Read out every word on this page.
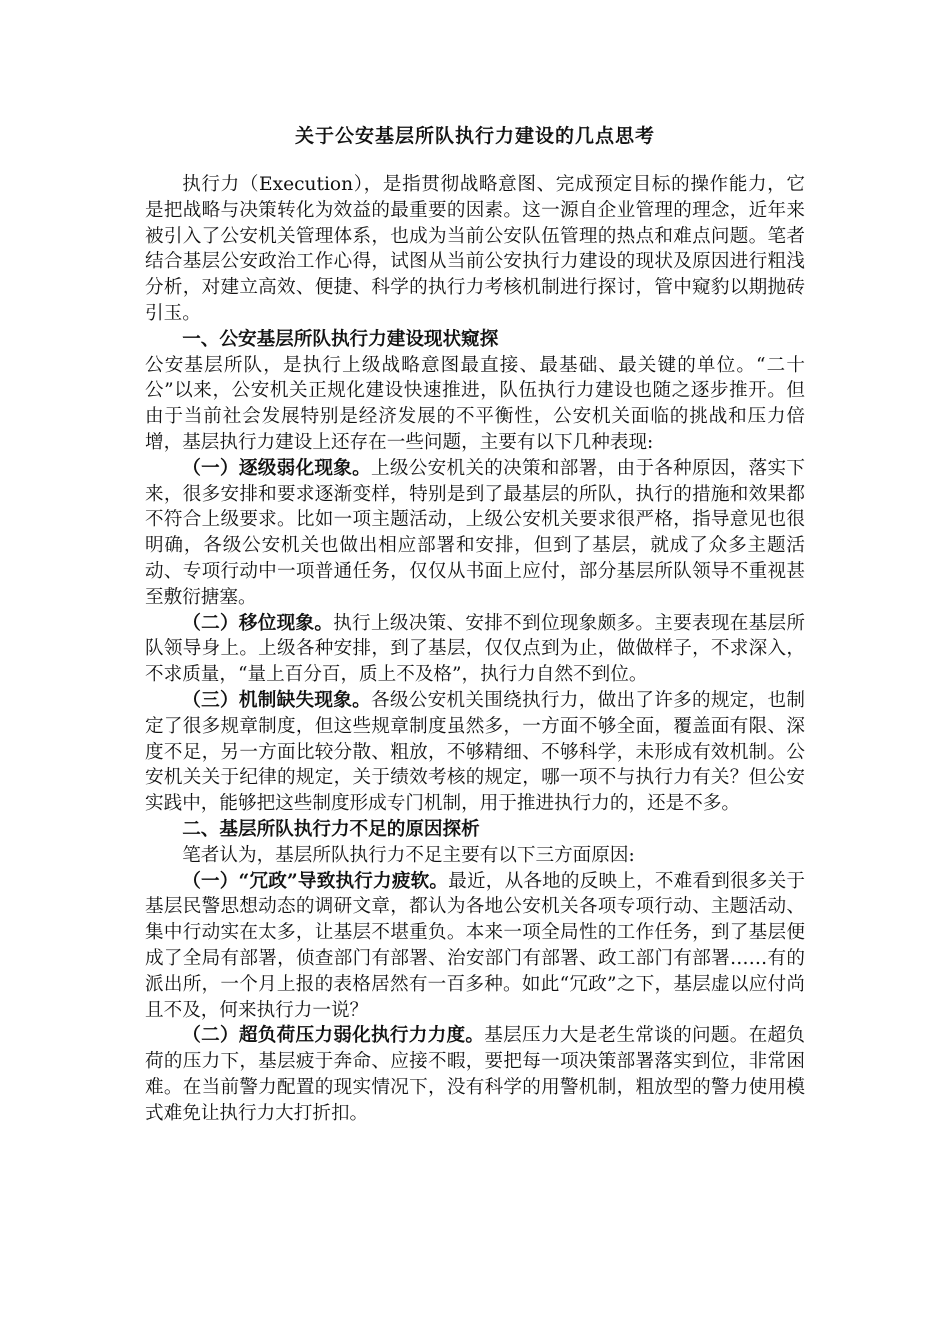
关于公安基层所队执行力建设的几点思考

执行力（Execution），是指贯彻战略意图、完成预定目标的操作能力，它是把战略与决策转化为效益的最重要的因素。这一源自企业管理的理念，近年来被引入了公安机关管理体系，也成为当前公安队伍管理的热点和难点问题。笔者结合基层公安政治工作心得，试图从当前公安执行力建设的现状及原因进行粗浅分析，对建立高效、便捷、科学的执行力考核机制进行探讨，管中窥豹以期抛砖引玉。

一、公安基层所队执行力建设现状窥探

公安基层所队，是执行上级战略意图最直接、最基础、最关键的单位。“二十公”以来，公安机关正规化建设快速推进，队伍执行力建设也随之逐步推开。但由于当前社会发展特别是经济发展的不平衡性，公安机关面临的挑战和压力倍增，基层执行力建设上还存在一些问题，主要有以下几种表现:

（一）逐级弱化现象。上级公安机关的决策和部署，由于各种原因，落实下来，很多安排和要求逐渐变样，特别是到了最基层的所队，执行的措施和效果都不符合上级要求。比如一项主题活动，上级公安机关要求很严格，指导意见也很明确，各级公安机关也做出相应部署和安排，但到了基层，就成了众多主题活动、专项行动中一项普通任务，仅仅从书面上应付，部分基层所队领导不重视甚至敷衍搪塞。

（二）移位现象。执行上级决策、安排不到位现象颇多。主要表现在基层所队领导身上。上级各种安排，到了基层，仅仅点到为止，做做样子，不求深入，不求质量，“量上百分百，质上不及格”，执行力自然不到位。

（三）机制缺失现象。各级公安机关围绕执行力，做出了许多的规定，也制定了很多规章制度，但这些规章制度虽然多，一方面不够全面，覆盖面有限、深度不足，另一方面比较分散、粗放，不够精细、不够科学，未形成有效机制。公安机关关于纪律的规定，关于绩效考核的规定，哪一项不与执行力有关？但公安实践中，能够把这些制度形成专门机制，用于推进执行力的，还是不多。

二、基层所队执行力不足的原因探析

笔者认为，基层所队执行力不足主要有以下三方面原因:

（一）“冗政”导致执行力疲软。最近，从各地的反映上，不难看到很多关于基层民警思想动态的调研文章，都认为各地公安机关各项专项行动、主题活动、集中行动实在太多，让基层不堪重负。本来一项全局性的工作任务，到了基层便成了全局有部署，侦查部门有部署、治安部门有部署、政工部门有部署……有的派出所，一个月上报的表格居然有一百多种。如此“冗政”之下，基层虚以应付尚且不及，何来执行力一说？

（二）超负荷压力弱化执行力力度。基层压力大是老生常谈的问题。在超负荷的压力下，基层疲于奔命、应接不暇，要把每一项决策部署落实到位，非常困难。在当前警力配置的现实情况下，没有科学的用警机制，粗放型的警力使用模式难免让执行力大打折扣。
